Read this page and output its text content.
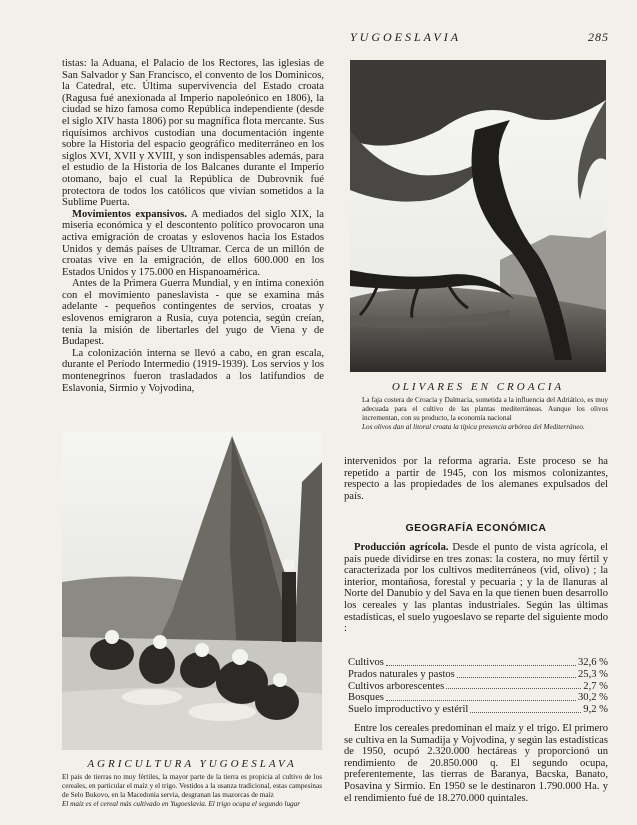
YUGOESLAVIA	285

tistas: la Aduana, el Palacio de los Rectores, las iglesias de San Salvador y San Francisco, el convento de los Dominicos, la Catedral, etc. Última supervivencia del Estado croata (Ragusa fué anexionada al Imperio napoleónico en 1806), la ciudad se hizo famosa como República independiente (desde el siglo XIV hasta 1806) por su magnífica flota mercante. Sus riquísimos archivos custodian una documentación ingente sobre la Historia del espacio geográfico mediterráneo en los siglos XVI, XVII y XVIII, y son indispensables además, para el estudio de la Historia de los Balcanes durante el Imperio otomano, bajo el cual la República de Dubrovnik fué protectora de todos los católicos que vivían sometidos a la Sublime Puerta.

Movimientos expansivos. A mediados del siglo XIX, la miseria económica y el descontento político provocaron una activa emigración de croatas y eslovenos hacia los Estados Unidos y demás países de Ultramar. Cerca de un millón de croatas vive en la emigración, de ellos 600.000 en los Estados Unidos y 175.000 en Hispanoamérica.

Antes de la Primera Guerra Mundial, y en íntima conexión con el movimiento paneslavista - que se examina más adelante - pequeños contingentes de servios, croatas y eslovenos emigraron a Rusia, cuya potencia, según creían, tenía la misión de libertarles del yugo de Viena y de Budapest.

La colonización interna se llevó a cabo, en gran escala, durante el Período Intermedio (1919-1939). Los servios y los montenegrinos fueron trasladados a los latifundios de Eslavonia, Sirmio y Vojvodina,	OLIVARES EN CROACIA
La faja costera de Croacia y Dalmacia, sometida a la influencia del Adriático, es muy adecuada para el cultivo de las plantas mediterráneas. Aunque los olivos incrementan, con su producto, la economía nacional
Los olivos dan al litoral croata la típica presencia arbórea del Mediterráneo.

intervenidos por la reforma agraria. Este proceso se ha repetido a partir de 1945, con los mismos colonizantes, respecto a las propiedades de los alemanes expulsados del país.

GEOGRAFÍA ECONÓMICA

Producción agrícola. Desde el punto de vista agrícola, el país puede dividirse en tres zonas: la costera, no muy fértil y caracterizada por los cultivos mediterráneos (vid, olivo) ; la interior, montañosa, forestal y pecuaria ; y la de llanuras al Norte del Danubio y del Sava en la que tienen buen desarrollo los cereales y las plantas industriales. Según las últimas estadísticas, el suelo yugoeslavo se reparte del siguiente modo :

Cultivos	32,6 %
Prados naturales y pastos	25,3 %
Cultivos arborescentes	2,7 %
Bosques	30,2 %
Suelo improductivo y estéril	9,2 %

Entre los cereales predominan el maíz y el trigo. El primero se cultiva en la Sumadija y Vojvodina, y según las estadísticas de 1950, ocupó 2.320.000 hectáreas y proporcionó un rendimiento de 20.850.000 q. El segundo ocupa, preferentemente, las tierras de Baranya, Bacska, Banato, Posavina y Sirmio. En 1950 se le destinaron 1.790.000 Ha. y el rendimiento fué de 18.270.000 quintales.

AGRICULTURA YUGOESLAVA
El país de tierras no muy fértiles, la mayor parte de la tierra es propicia al cultivo de los cereales, en particular el maíz y el trigo. Vestidos a la usanza tradicional, estas campesinas de Selo Bukovo, en la Macedonia servia, desgranan las mazorcas de maíz
El maíz es el cereal más cultivado en Yugoeslavia. El trigo ocupa el segundo lugar
